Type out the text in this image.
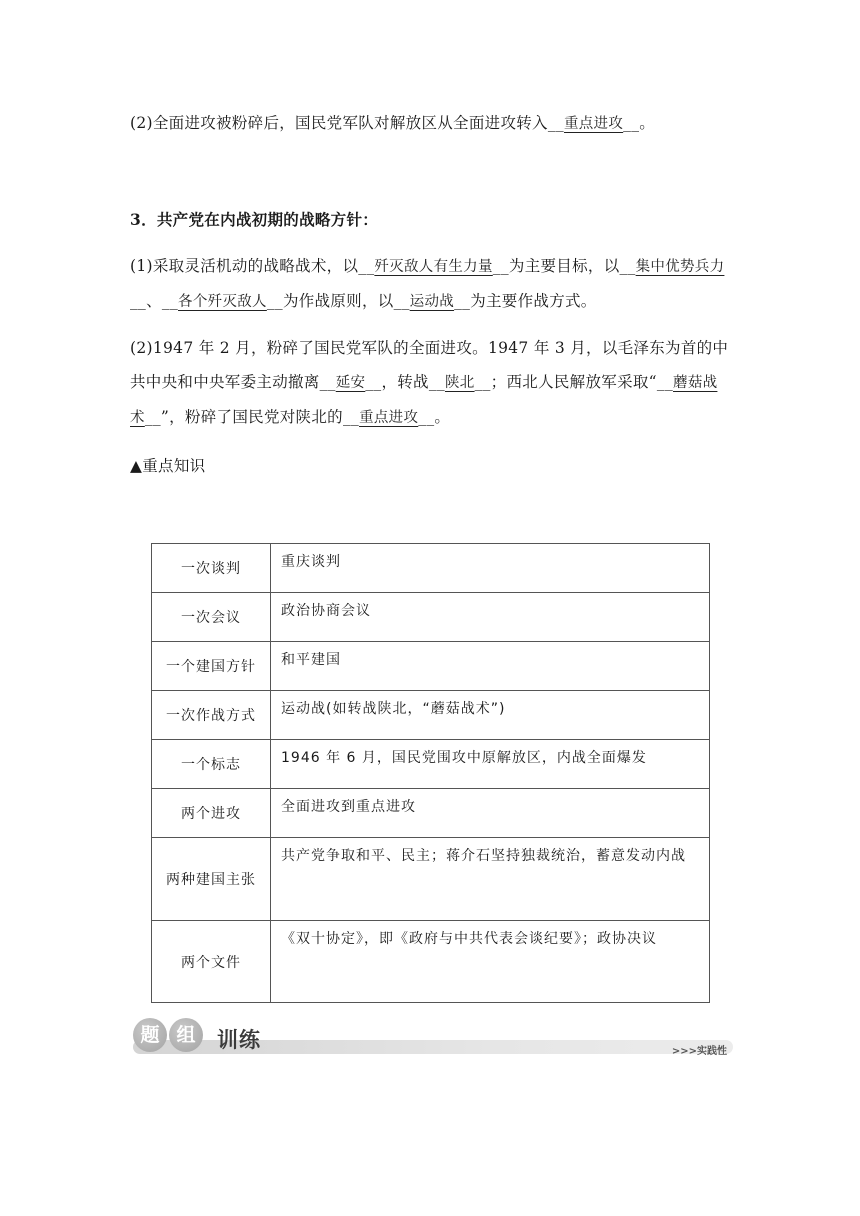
(2)全面进攻被粉碎后，国民党军队对解放区从全面进攻转入__重点进攻__。
3．共产党在内战初期的战略方针：
(1)采取灵活机动的战略战术，以__歼灭敌人有生力量__为主要目标，以__集中优势兵力__、__各个歼灭敌人__为作战原则，以__运动战__为主要作战方式。
(2)1947 年 2 月，粉碎了国民党军队的全面进攻。1947 年 3 月，以毛泽东为首的中共中央和中央军委主动撤离__延安__，转战__陕北__；西北人民解放军采取“__蘑菇战术__”，粉碎了国民党对陕北的__重点进攻__。
▲重点知识
一次谈判	重庆谈判
一次会议	政治协商会议
一个建国方针	和平建国
一次作战方式	运动战(如转战陕北，“蘑菇战术”)
一个标志	1946 年 6 月，国民党围攻中原解放区，内战全面爆发
两个进攻	全面进攻到重点进攻
两种建国主张	共产党争取和平、民主；蒋介石坚持独裁统治，蓄意发动内战
两个文件	《双十协定》，即《政府与中共代表会谈纪要》；政协决议
题 组	训练	>>>实践性
